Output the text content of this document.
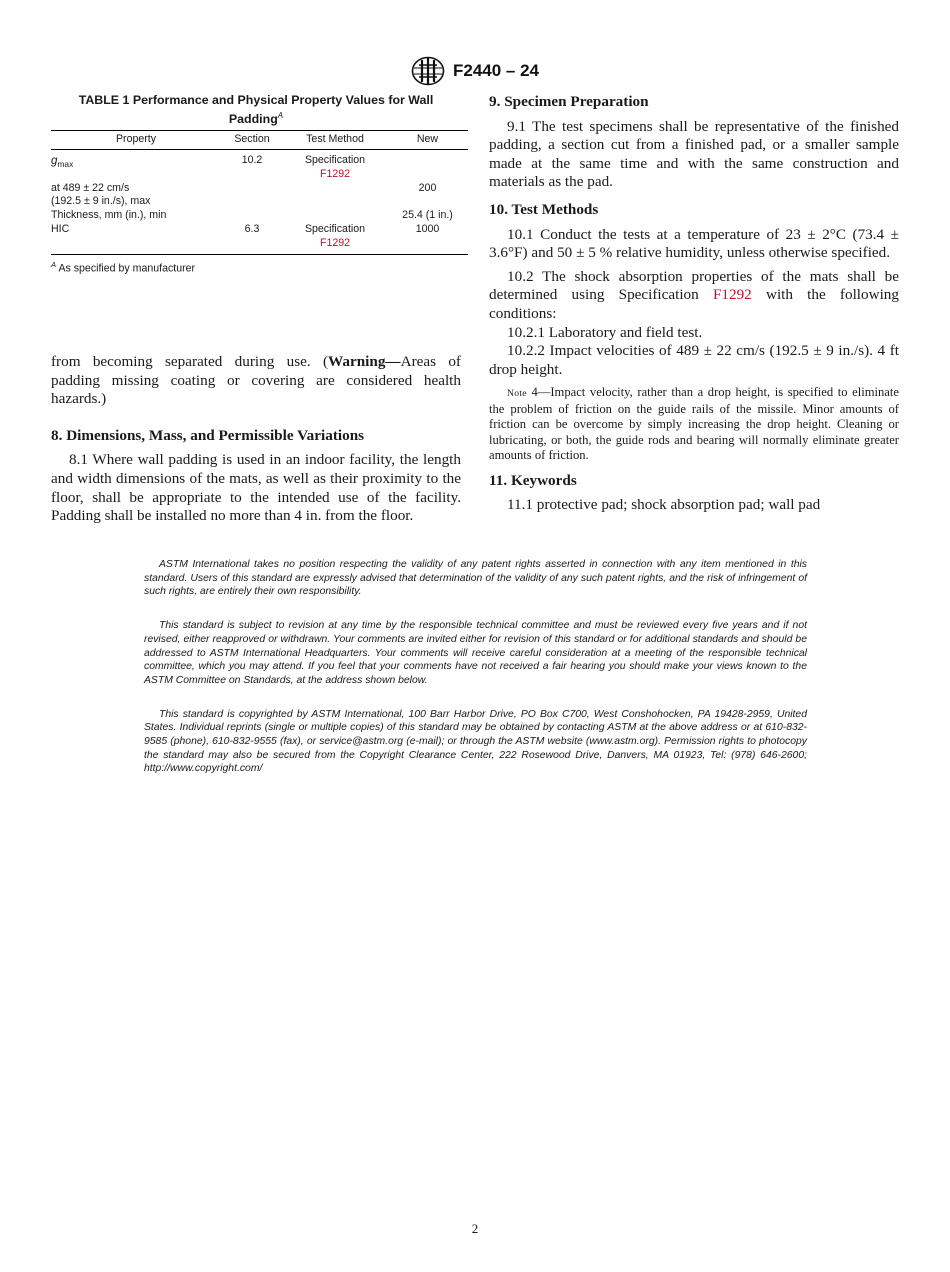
F2440 – 24
TABLE 1 Performance and Physical Property Values for Wall Padding$^A$
Property	Section	Test Method	New
$g_{max}$	10.2	Specification
F1292	
at 489 ± 22 cm/s
(192.5 ± 9 in./s), max			200
Thickness, mm (in.), min			25.4 (1 in.)
HIC	6.3	Specification
F1292	1000
$^A$ As specified by manufacturer

from becoming separated during use. (Warning—Areas of padding missing coating or covering are considered health hazards.)

8. Dimensions, Mass, and Permissible Variations

8.1 Where wall padding is used in an indoor facility, the length and width dimensions of the mats, as well as their proximity to the floor, shall be appropriate to the intended use of the facility. Padding shall be installed no more than 4 in. from the floor.

9. Specimen Preparation

9.1 The test specimens shall be representative of the finished padding, a section cut from a finished pad, or a smaller sample made at the same time and with the same construction and materials as the pad.

10. Test Methods

10.1 Conduct the tests at a temperature of 23 ± 2°C (73.4 ± 3.6°F) and 50 ± 5 % relative humidity, unless otherwise specified.

10.2 The shock absorption properties of the mats shall be determined using Specification F1292 with the following conditions:

10.2.1 Laboratory and field test.

10.2.2 Impact velocities of 489 ± 22 cm/s (192.5 ± 9 in./s). 4 ft drop height.

Note 4—Impact velocity, rather than a drop height, is specified to eliminate the problem of friction on the guide rails of the missile. Minor amounts of friction can be overcome by simply increasing the drop height. Cleaning or lubricating, or both, the guide rods and bearing will normally eliminate greater amounts of friction.

11. Keywords

11.1 protective pad; shock absorption pad; wall pad

ASTM International takes no position respecting the validity of any patent rights asserted in connection with any item mentioned in this standard. Users of this standard are expressly advised that determination of the validity of any such patent rights, and the risk of infringement of such rights, are entirely their own responsibility.

This standard is subject to revision at any time by the responsible technical committee and must be reviewed every five years and if not revised, either reapproved or withdrawn. Your comments are invited either for revision of this standard or for additional standards and should be addressed to ASTM International Headquarters. Your comments will receive careful consideration at a meeting of the responsible technical committee, which you may attend. If you feel that your comments have not received a fair hearing you should make your views known to the ASTM Committee on Standards, at the address shown below.

This standard is copyrighted by ASTM International, 100 Barr Harbor Drive, PO Box C700, West Conshohocken, PA 19428-2959, United States. Individual reprints (single or multiple copies) of this standard may be obtained by contacting ASTM at the above address or at 610-832-9585 (phone), 610-832-9555 (fax), or service@astm.org (e-mail); or through the ASTM website (www.astm.org). Permission rights to photocopy the standard may also be secured from the Copyright Clearance Center, 222 Rosewood Drive, Danvers, MA 01923, Tel: (978) 646-2600; http://www.copyright.com/

2
